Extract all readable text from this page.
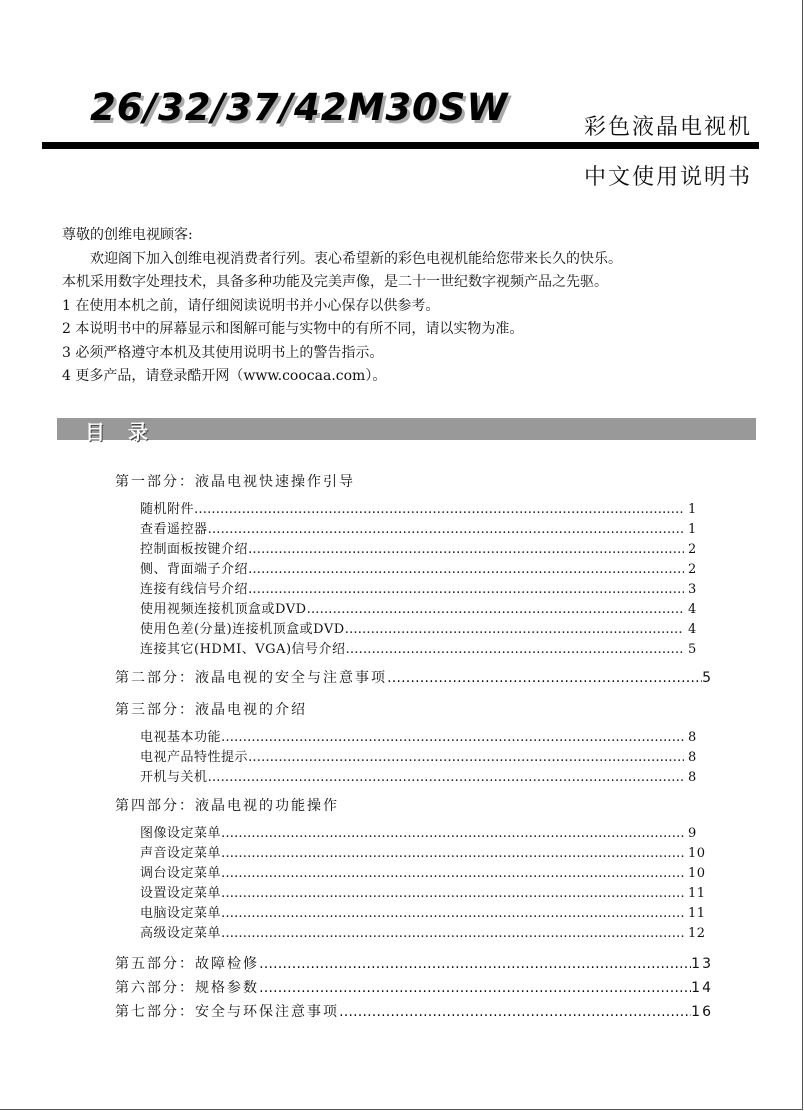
26/32/37/42M30SW	彩色液晶电视机
中文使用说明书

尊敬的创维电视顾客:

欢迎阁下加入创维电视消费者行列。衷心希望新的彩色电视机能给您带来长久的快乐。

本机采用数字处理技术，具备多种功能及完美声像，是二十一世纪数字视频产品之先驱。

1 在使用本机之前，请仔细阅读说明书并小心保存以供参考。

2 本说明书中的屏幕显示和图解可能与实物中的有所不同，请以实物为准。

3 必须严格遵守本机及其使用说明书上的警告指示。

4 更多产品，请登录酷开网（www.coocaa.com）。

目 录
第一部分：液晶电视快速操作引导
随机附件 ……………………………………………………………………………………………………………………………………………………………	1
查看遥控器 ……………………………………………………………………………………………………………………………………………………………	1
控制面板按键介绍 ……………………………………………………………………………………………………………………………………………………………	2
侧、背面端子介绍 ……………………………………………………………………………………………………………………………………………………………	2
连接有线信号介绍 ……………………………………………………………………………………………………………………………………………………………	3
使用视频连接机顶盒或DVD ……………………………………………………………………………………………………………………………………………………………	4
使用色差(分量)连接机顶盒或DVD ……………………………………………………………………………………………………………………………………………………………	4
连接其它(HDMI、VGA)信号介绍 ……………………………………………………………………………………………………………………………………………………………	5
第二部分：液晶电视的安全与注意事项 ……………………………………………………………………………………………………………………………………………………………	5
第三部分：液晶电视的介绍
电视基本功能 ……………………………………………………………………………………………………………………………………………………………	8
电视产品特性提示 ……………………………………………………………………………………………………………………………………………………………	8
开机与关机 ……………………………………………………………………………………………………………………………………………………………	8
第四部分：液晶电视的功能操作
图像设定菜单 ……………………………………………………………………………………………………………………………………………………………	9
声音设定菜单 ……………………………………………………………………………………………………………………………………………………………	10
调台设定菜单 ……………………………………………………………………………………………………………………………………………………………	10
设置设定菜单 ……………………………………………………………………………………………………………………………………………………………	11
电脑设定菜单 ……………………………………………………………………………………………………………………………………………………………	11
高级设定菜单 ……………………………………………………………………………………………………………………………………………………………	12
第五部分：故障检修 ……………………………………………………………………………………………………………………………………………………………	13
第六部分：规格参数 ……………………………………………………………………………………………………………………………………………………………	14
第七部分：安全与环保注意事项 ……………………………………………………………………………………………………………………………………………………………	16
